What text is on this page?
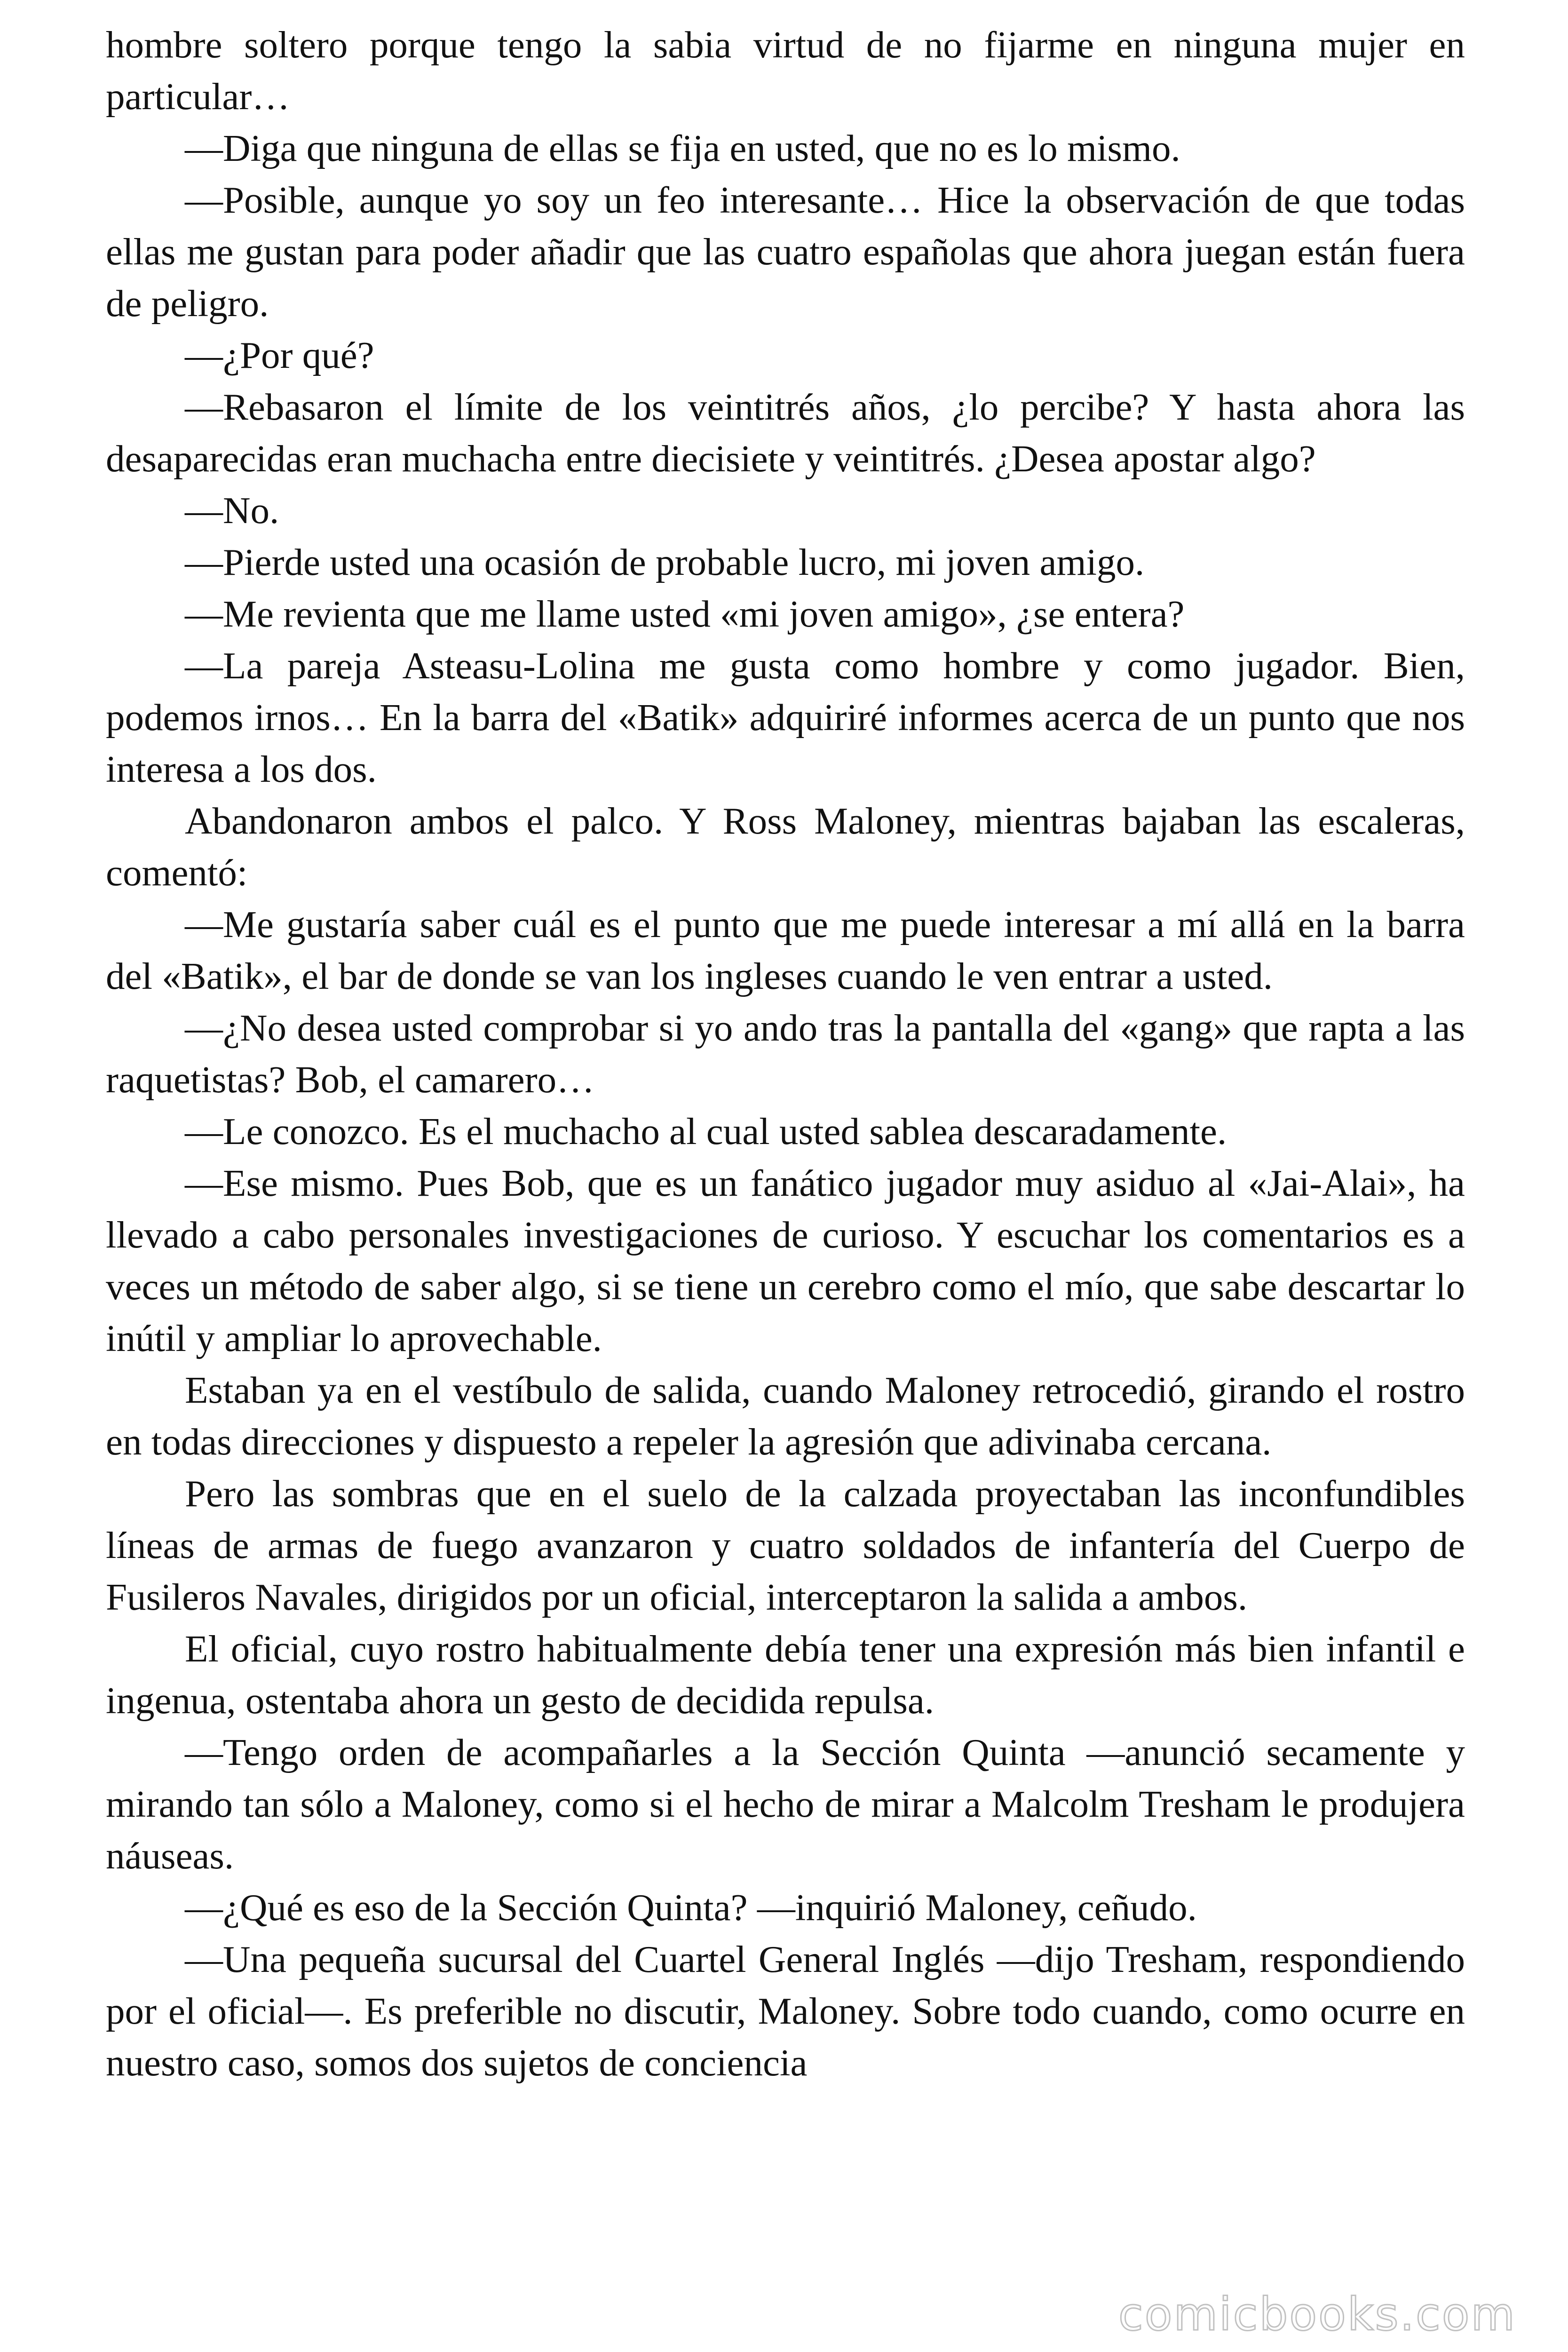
hombre soltero porque tengo la sabia virtud de no fijarme en ninguna mujer en particular…

—Diga que ninguna de ellas se fija en usted, que no es lo mismo.

—Posible, aunque yo soy un feo interesante… Hice la observación de que todas ellas me gustan para poder añadir que las cuatro españolas que ahora juegan están fuera de peligro.

—¿Por qué?

—Rebasaron el límite de los veintitrés años, ¿lo percibe? Y hasta ahora las desaparecidas eran muchacha entre diecisiete y veintitrés. ¿Desea apostar algo?

—No.

—Pierde usted una ocasión de probable lucro, mi joven amigo.

—Me revienta que me llame usted «mi joven amigo», ¿se entera?

—La pareja Asteasu-Lolina me gusta como hombre y como jugador. Bien, podemos irnos… En la barra del «Batik» adquiriré informes acerca de un punto que nos interesa a los dos.

Abandonaron ambos el palco. Y Ross Maloney, mientras bajaban las escaleras, comentó:

—Me gustaría saber cuál es el punto que me puede interesar a mí allá en la barra del «Batik», el bar de donde se van los ingleses cuando le ven entrar a usted.

—¿No desea usted comprobar si yo ando tras la pantalla del «gang» que rapta a las raquetistas? Bob, el camarero…

—Le conozco. Es el muchacho al cual usted sablea descaradamente.

—Ese mismo. Pues Bob, que es un fanático jugador muy asiduo al «Jai-Alai», ha llevado a cabo personales investigaciones de curioso. Y escuchar los comentarios es a veces un método de saber algo, si se tiene un cerebro como el mío, que sabe descartar lo inútil y ampliar lo aprovechable.

Estaban ya en el vestíbulo de salida, cuando Maloney retrocedió, girando el rostro en todas direcciones y dispuesto a repeler la agresión que adivinaba cercana.

Pero las sombras que en el suelo de la calzada proyectaban las inconfundibles líneas de armas de fuego avanzaron y cuatro soldados de infantería del Cuerpo de Fusileros Navales, dirigidos por un oficial, interceptaron la salida a ambos.

El oficial, cuyo rostro habitualmente debía tener una expresión más bien infantil e ingenua, ostentaba ahora un gesto de decidida repulsa.

—Tengo orden de acompañarles a la Sección Quinta —anunció secamente y mirando tan sólo a Maloney, como si el hecho de mirar a Malcolm Tresham le produjera náuseas.

—¿Qué es eso de la Sección Quinta? —inquirió Maloney, ceñudo.

—Una pequeña sucursal del Cuartel General Inglés —dijo Tresham, respondiendo por el oficial—. Es preferible no discutir, Maloney. Sobre todo cuando, como ocurre en nuestro caso, somos dos sujetos de conciencia

comicbooks.com
